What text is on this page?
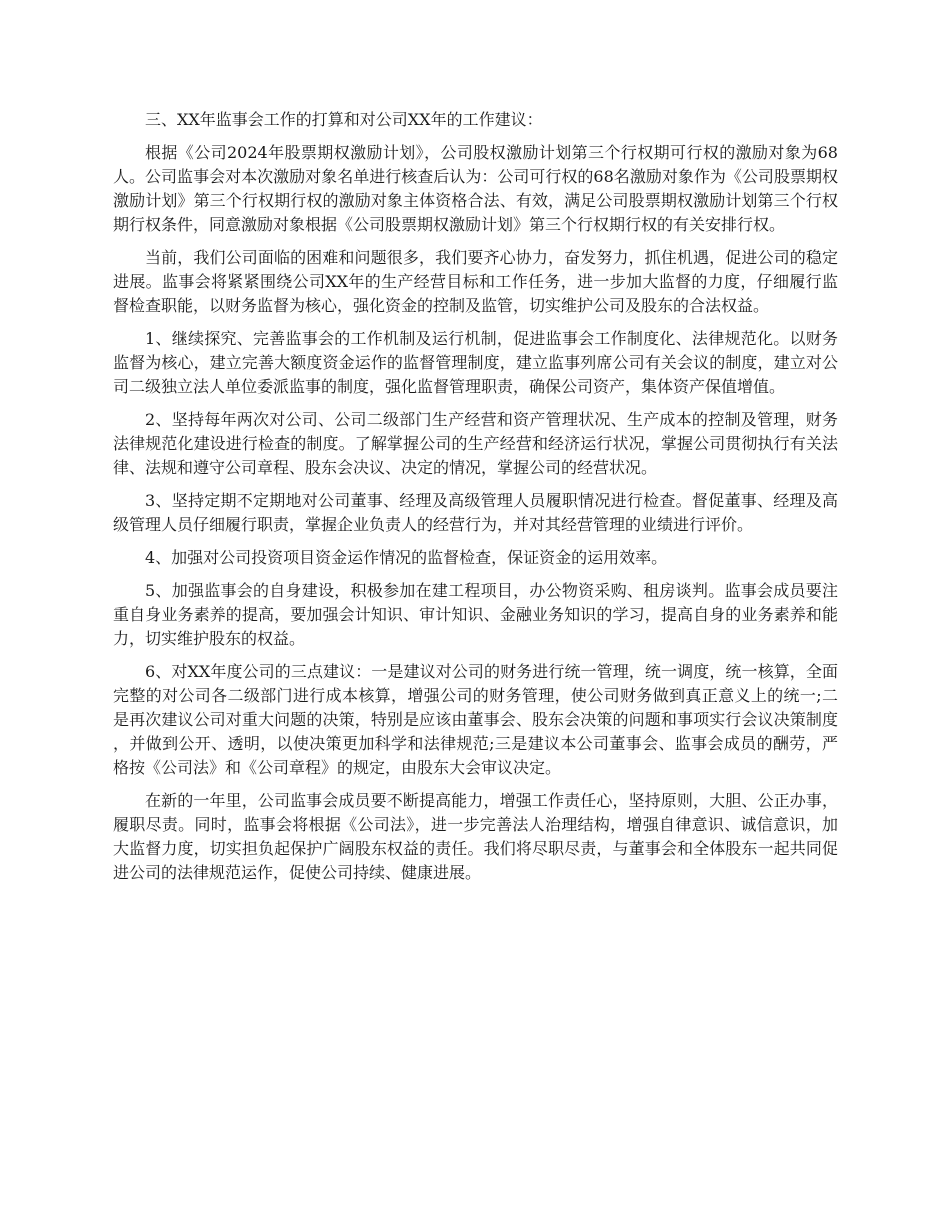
三、XX年监事会工作的打算和对公司XX年的工作建议：

根据《公司2024年股票期权激励计划》，公司股权激励计划第三个行权期可行权的激励对象为68人。公司监事会对本次激励对象名单进行核查后认为：公司可行权的68名激励对象作为《公司股票期权激励计划》第三个行权期行权的激励对象主体资格合法、有效，满足公司股票期权激励计划第三个行权期行权条件，同意激励对象根据《公司股票期权激励计划》第三个行权期行权的有关安排行权。

当前，我们公司面临的困难和问题很多，我们要齐心协力，奋发努力，抓住机遇，促进公司的稳定进展。监事会将紧紧围绕公司XX年的生产经营目标和工作任务，进一步加大监督的力度，仔细履行监督检查职能，以财务监督为核心，强化资金的控制及监管，切实维护公司及股东的合法权益。

1、继续探究、完善监事会的工作机制及运行机制，促进监事会工作制度化、法律规范化。以财务监督为核心，建立完善大额度资金运作的监督管理制度，建立监事列席公司有关会议的制度，建立对公司二级独立法人单位委派监事的制度，强化监督管理职责，确保公司资产，集体资产保值增值。

2、坚持每年两次对公司、公司二级部门生产经营和资产管理状况、生产成本的控制及管理，财务法律规范化建设进行检查的制度。了解掌握公司的生产经营和经济运行状况，掌握公司贯彻执行有关法律、法规和遵守公司章程、股东会决议、决定的情况，掌握公司的经营状况。

3、坚持定期不定期地对公司董事、经理及高级管理人员履职情况进行检查。督促董事、经理及高级管理人员仔细履行职责，掌握企业负责人的经营行为，并对其经营管理的业绩进行评价。

4、加强对公司投资项目资金运作情况的监督检查，保证资金的运用效率。

5、加强监事会的自身建设，积极参加在建工程项目，办公物资采购、租房谈判。监事会成员要注重自身业务素养的提高，要加强会计知识、审计知识、金融业务知识的学习，提高自身的业务素养和能力，切实维护股东的权益。

6、对XX年度公司的三点建议：一是建议对公司的财务进行统一管理，统一调度，统一核算，全面完整的对公司各二级部门进行成本核算，增强公司的财务管理，使公司财务做到真正意义上的统一;二是再次建议公司对重大问题的决策，特别是应该由董事会、股东会决策的问题和事项实行会议决策制度，并做到公开、透明，以使决策更加科学和法律规范;三是建议本公司董事会、监事会成员的酬劳，严格按《公司法》和《公司章程》的规定，由股东大会审议决定。

在新的一年里，公司监事会成员要不断提高能力，增强工作责任心，坚持原则，大胆、公正办事，履职尽责。同时，监事会将根据《公司法》，进一步完善法人治理结构，增强自律意识、诚信意识，加大监督力度，切实担负起保护广阔股东权益的责任。我们将尽职尽责，与董事会和全体股东一起共同促进公司的法律规范运作，促使公司持续、健康进展。
